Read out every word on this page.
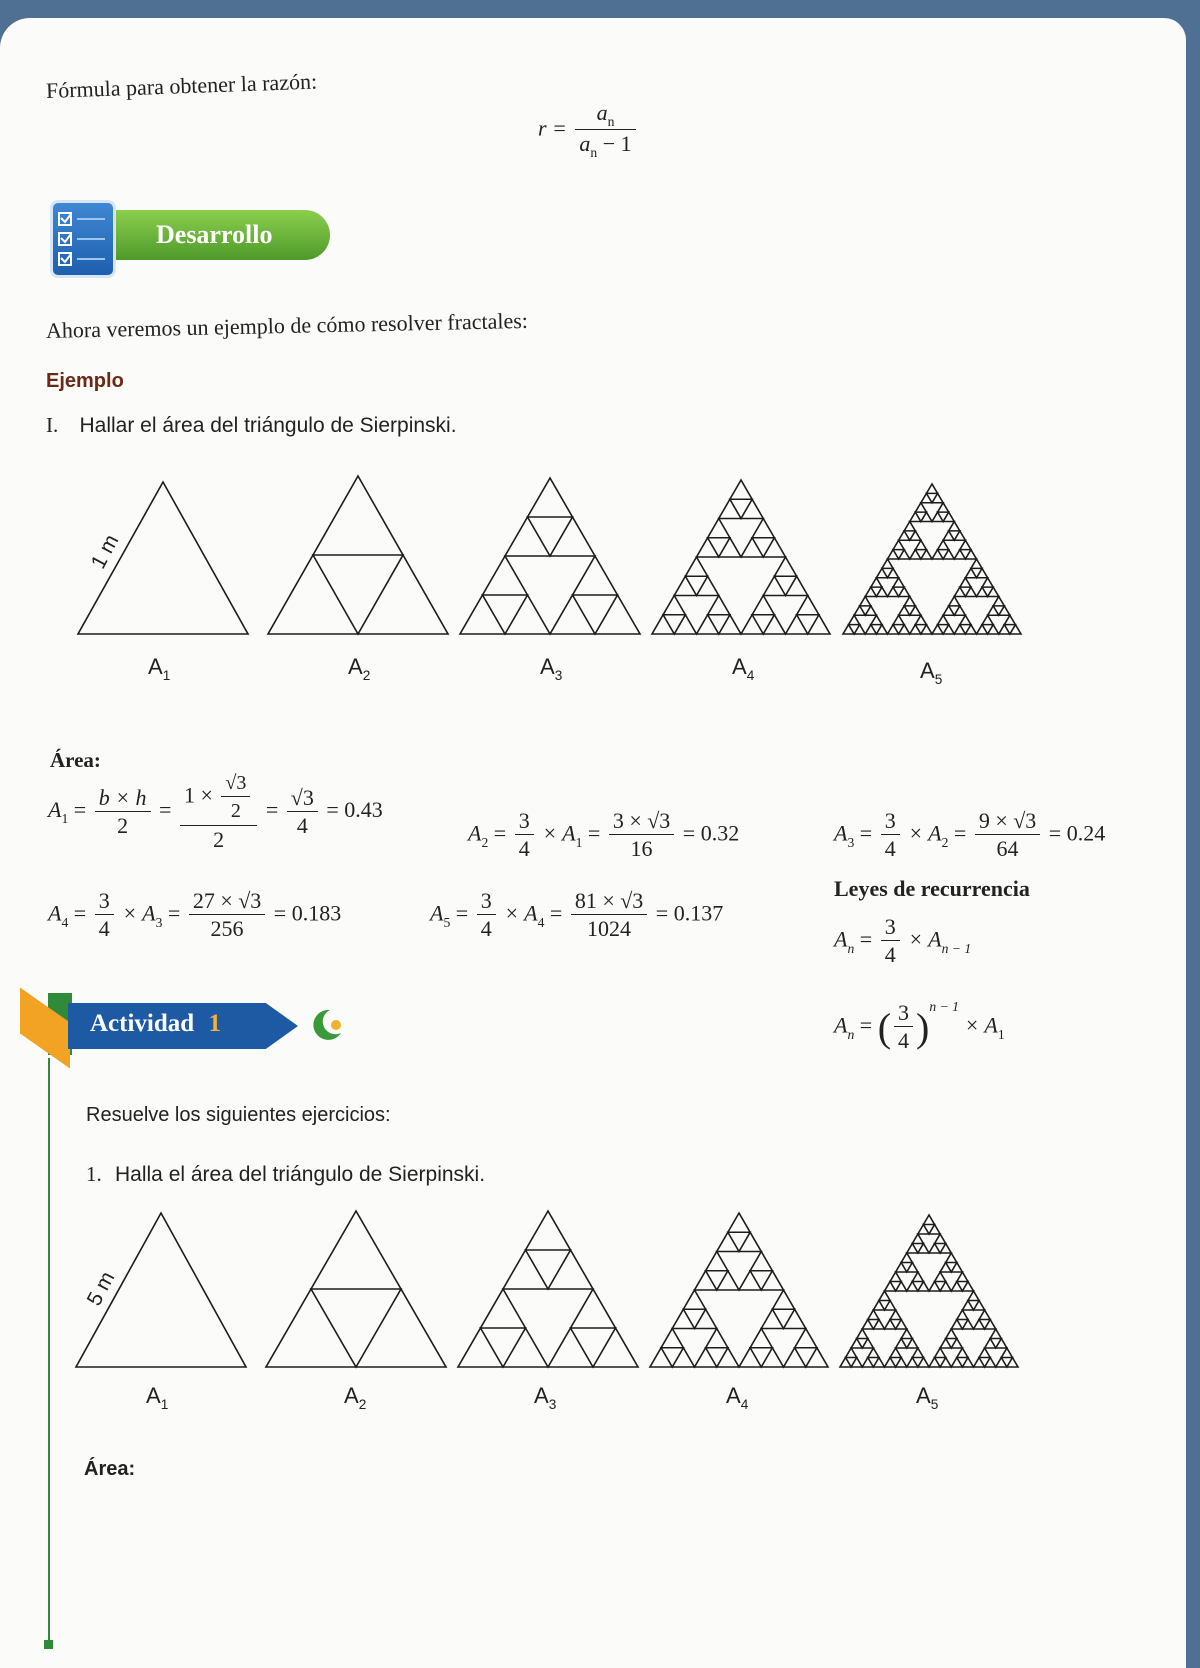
Fórmula para obtener la razón:
$r = \frac{a_n}{a_n - 1}$
Desarrollo
Ahora veremos un ejemplo de cómo resolver fractales:
Ejemplo
I. Hallar el área del triángulo de Sierpinski.
1 m
$A_1$	$A_2$	$A_3$	$A_4$	$A_5$
Área:
$A_1 = \frac{b \times h}{2} = \frac{1 \times \frac{√3}{2}}{2} = \frac{√3}{4} = 0.43$
$A_2 = \frac{3}{4} \times A_1 = \frac{3 \times √3}{16} = 0.32$	$A_3 = \frac{3}{4} \times A_2 = \frac{9 \times √3}{64} = 0.24$
$A_4 = \frac{3}{4} \times A_3 = \frac{27 \times √3}{256} = 0.183$	$A_5 = \frac{3}{4} \times A_4 = \frac{81 \times √3}{1024} = 0.137$
Leyes de recurrencia
$A_n = \frac{3}{4} \times A_{n - 1}$
$A_n$ = ( $\frac{3}{4} )^{n - 1} \times A_1$
Actividad 1
Resuelve los siguientes ejercicios:
1. Halla el área del triángulo de Sierpinski.
5 m
$A_1$	$A_2$	$A_3$	$A_4$	$A_5$
Área:
